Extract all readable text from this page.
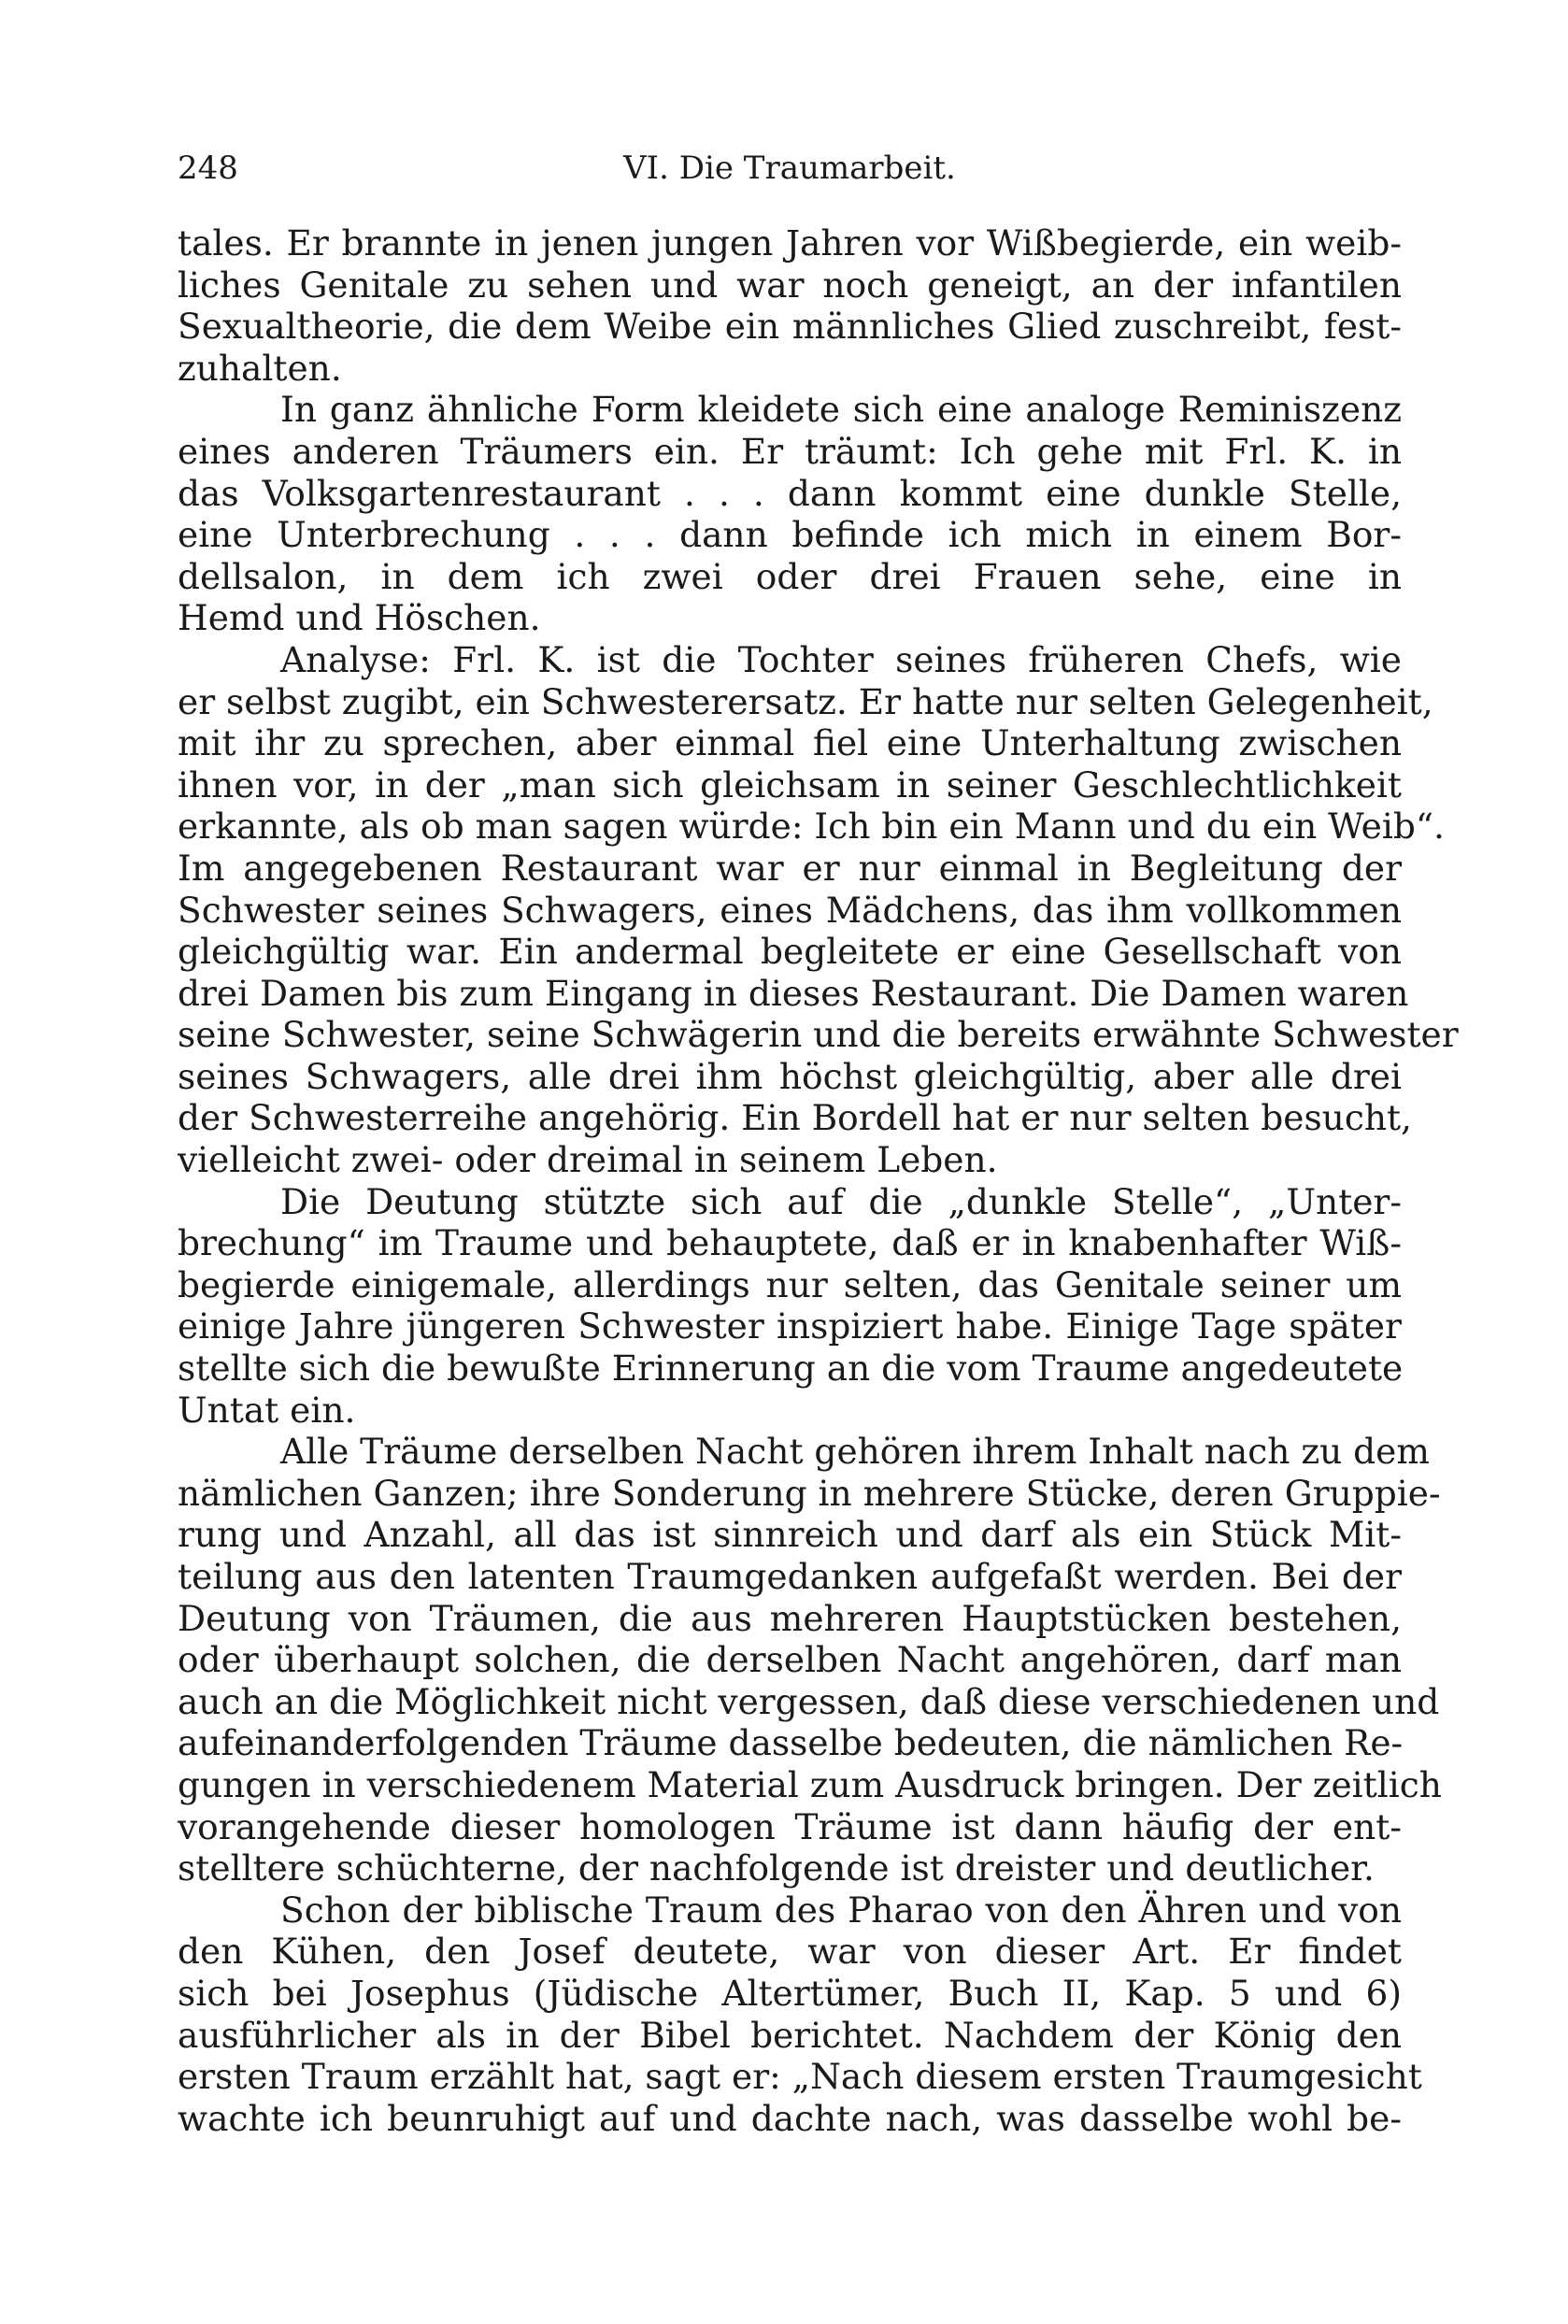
248	VI. Die Traumarbeit.
tales. Er brannte in jenen jungen Jahren vor Wißbegierde, ein weib-
liches Genitale zu sehen und war noch geneigt, an der infantilen
Sexualtheorie, die dem Weibe ein männliches Glied zuschreibt, fest-
zuhalten.
In ganz ähnliche Form kleidete sich eine analoge Reminiszenz
eines anderen Träumers ein. Er träumt: Ich gehe mit Frl. K. in
das Volksgartenrestaurant . . . dann kommt eine dunkle Stelle,
eine Unterbrechung . . . dann befinde ich mich in einem Bor-
dellsalon, in dem ich zwei oder drei Frauen sehe, eine in
Hemd und Höschen.
Analyse: Frl. K. ist die Tochter seines früheren Chefs, wie
er selbst zugibt, ein Schwesterersatz. Er hatte nur selten Gelegenheit,
mit ihr zu sprechen, aber einmal fiel eine Unterhaltung zwischen
ihnen vor, in der „man sich gleichsam in seiner Geschlechtlichkeit
erkannte, als ob man sagen würde: Ich bin ein Mann und du ein Weib“.
Im angegebenen Restaurant war er nur einmal in Begleitung der
Schwester seines Schwagers, eines Mädchens, das ihm vollkommen
gleichgültig war. Ein andermal begleitete er eine Gesellschaft von
drei Damen bis zum Eingang in dieses Restaurant. Die Damen waren
seine Schwester, seine Schwägerin und die bereits erwähnte Schwester
seines Schwagers, alle drei ihm höchst gleichgültig, aber alle drei
der Schwesterreihe angehörig. Ein Bordell hat er nur selten besucht,
vielleicht zwei- oder dreimal in seinem Leben.
Die Deutung stützte sich auf die „dunkle Stelle“, „Unter-
brechung“ im Traume und behauptete, daß er in knabenhafter Wiß-
begierde einigemale, allerdings nur selten, das Genitale seiner um
einige Jahre jüngeren Schwester inspiziert habe. Einige Tage später
stellte sich die bewußte Erinnerung an die vom Traume angedeutete
Untat ein.
Alle Träume derselben Nacht gehören ihrem Inhalt nach zu dem
nämlichen Ganzen; ihre Sonderung in mehrere Stücke, deren Gruppie-
rung und Anzahl, all das ist sinnreich und darf als ein Stück Mit-
teilung aus den latenten Traumgedanken aufgefaßt werden. Bei der
Deutung von Träumen, die aus mehreren Hauptstücken bestehen,
oder überhaupt solchen, die derselben Nacht angehören, darf man
auch an die Möglichkeit nicht vergessen, daß diese verschiedenen und
aufeinanderfolgenden Träume dasselbe bedeuten, die nämlichen Re-
gungen in verschiedenem Material zum Ausdruck bringen. Der zeitlich
vorangehende dieser homologen Träume ist dann häufig der ent-
stelltere schüchterne, der nachfolgende ist dreister und deutlicher.
Schon der biblische Traum des Pharao von den Ähren und von
den Kühen, den Josef deutete, war von dieser Art. Er findet
sich bei Josephus (Jüdische Altertümer, Buch II, Kap. 5 und 6)
ausführlicher als in der Bibel berichtet. Nachdem der König den
ersten Traum erzählt hat, sagt er: „Nach diesem ersten Traumgesicht
wachte ich beunruhigt auf und dachte nach, was dasselbe wohl be-
